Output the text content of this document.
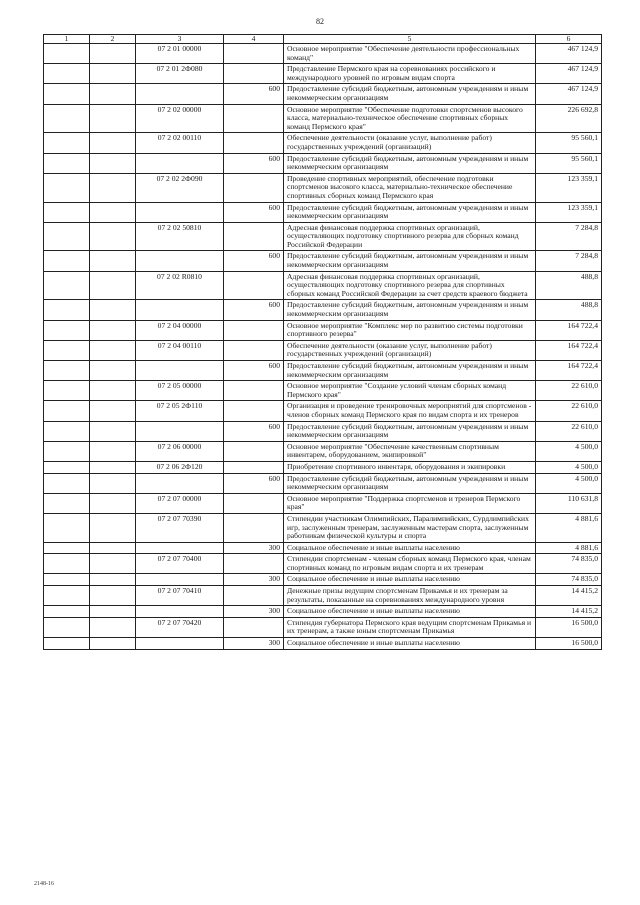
82
1	2	3	4	5	6
		07 2 01 00000		Основное мероприятие "Обеспечение деятельности профессиональных команд"	467 124,9
		07 2 01 2Ф080		Представление Пермского края на соревнованиях российского и международного уровней по игровым видам спорта	467 124,9
			600	Предоставление субсидий бюджетным, автономным учреждениям и иным некоммерческим организациям	467 124,9
		07 2 02 00000		Основное мероприятие "Обеспечение подготовки спортсменов высокого класса, материально-техническое обеспечение спортивных сборных команд Пермского края"	226 692,8
		07 2 02 00110		Обеспечение деятельности (оказание услуг, выполнение работ) государственных учреждений (организаций)	95 560,1
			600	Предоставление субсидий бюджетным, автономным учреждениям и иным некоммерческим организациям	95 560,1
		07 2 02 2Ф090		Проведение спортивных мероприятий, обеспечение подготовки спортсменов высокого класса, материально-техническое обеспечение спортивных сборных команд Пермского края	123 359,1
			600	Предоставление субсидий бюджетным, автономным учреждениям и иным некоммерческим организациям	123 359,1
		07 2 02 50810		Адресная финансовая поддержка спортивных организаций, осуществляющих подготовку спортивного резерва для сборных команд Российской Федерации	7 284,8
			600	Предоставление субсидий бюджетным, автономным учреждениям и иным некоммерческим организациям	7 284,8
		07 2 02 R0810		Адресная финансовая поддержка спортивных организаций, осуществляющих подготовку спортивного резерва для спортивных сборных команд Российской Федерации за счет средств краевого бюджета	488,8
			600	Предоставление субсидий бюджетным, автономным учреждениям и иным некоммерческим организациям	488,8
		07 2 04 00000		Основное мероприятие "Комплекс мер по развитию системы подготовки спортивного резерва"	164 722,4
		07 2 04 00110		Обеспечение деятельности (оказание услуг, выполнение работ) государственных учреждений (организаций)	164 722,4
			600	Предоставление субсидий бюджетным, автономным учреждениям и иным некоммерческим организациям	164 722,4
		07 2 05 00000		Основное мероприятие "Создание условий членам сборных команд Пермского края"	22 610,0
		07 2 05 2Ф110		Организация и проведение тренировочных мероприятий для спортсменов - членов сборных команд Пермского края по видам спорта и их тренеров	22 610,0
			600	Предоставление субсидий бюджетным, автономным учреждениям и иным некоммерческим организациям	22 610,0
		07 2 06 00000		Основное мероприятие "Обеспечение качественным спортивным инвентарем, оборудованием, экипировкой"	4 500,0
		07 2 06 2Ф120		Приобретение спортивного инвентаря, оборудования и экипировки	4 500,0
			600	Предоставление субсидий бюджетным, автономным учреждениям и иным некоммерческим организациям	4 500,0
		07 2 07 00000		Основное мероприятие "Поддержка спортсменов и тренеров Пермского края"	110 631,8
		07 2 07 70390		Стипендии участникам Олимпийских, Паралимпийских, Сурдлимпийских игр, заслуженным тренерам, заслуженным мастерам спорта, заслуженным работникам физической культуры и спорта	4 881,6
			300	Социальное обеспечение и иные выплаты населению	4 881,6
		07 2 07 70400		Стипендии спортсменам - членам сборных команд Пермского края, членам спортивных команд по игровым видам спорта и их тренерам	74 835,0
			300	Социальное обеспечение и иные выплаты населению	74 835,0
		07 2 07 70410		Денежные призы ведущим спортсменам Прикамья и их тренерам за результаты, показанные на соревнованиях международного уровня	14 415,2
			300	Социальное обеспечение и иные выплаты населению	14 415,2
		07 2 07 70420		Стипендия губернатора Пермского края ведущим спортсменам Прикамья и их тренерам, а также юным спортсменам Прикамья	16 500,0
			300	Социальное обеспечение и иные выплаты населению	16 500,0
2148-16
